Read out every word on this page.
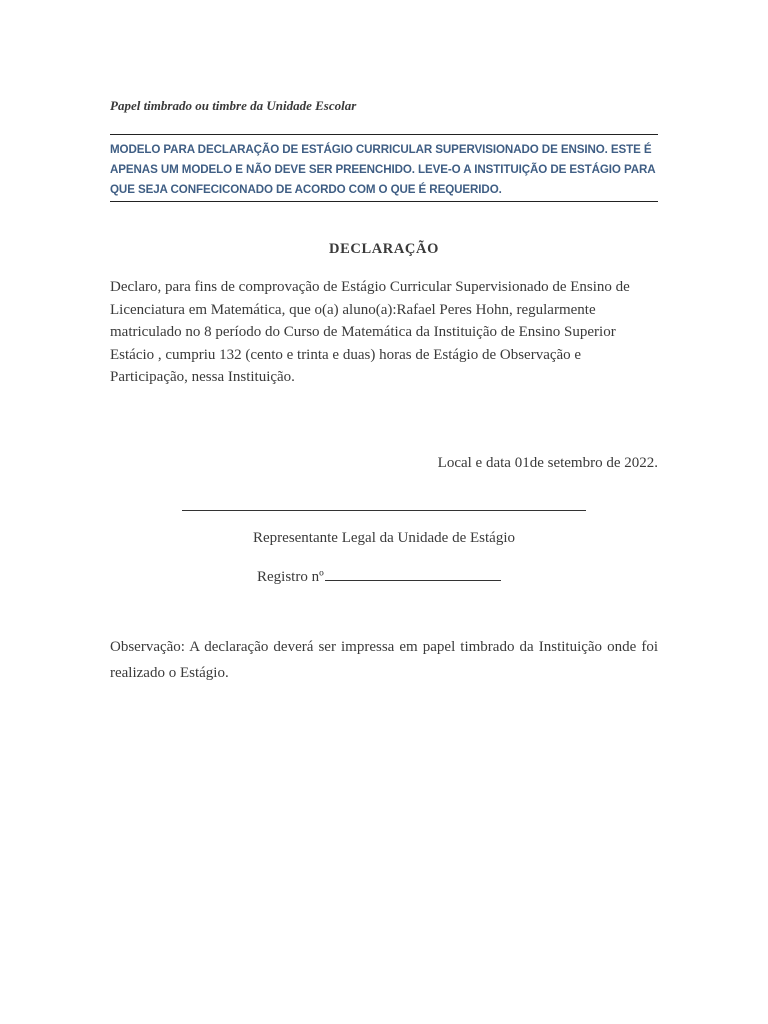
Papel timbrado ou timbre da Unidade Escolar

MODELO PARA DECLARAÇÃO DE ESTÁGIO CURRICULAR SUPERVISIONADO DE ENSINO. ESTE É APENAS UM MODELO E NÃO DEVE SER PREENCHIDO. LEVE-O A INSTITUIÇÃO DE ESTÁGIO PARA QUE SEJA CONFECICONADO DE ACORDO COM O QUE É REQUERIDO.

DECLARAÇÃO

Declaro, para fins de comprovação de Estágio Curricular Supervisionado de Ensino de Licenciatura em Matemática, que o(a) aluno(a):Rafael Peres Hohn, regularmente matriculado no 8 período do Curso de Matemática da Instituição de Ensino Superior Estácio , cumpriu 132 (cento e trinta e duas) horas de Estágio de Observação e Participação, nessa Instituição.

Local e data 01de setembro de 2022.
Representante Legal da Unidade de Estágio
Registro nº

Observação: A declaração deverá ser impressa em papel timbrado da Instituição onde foi realizado o Estágio.
